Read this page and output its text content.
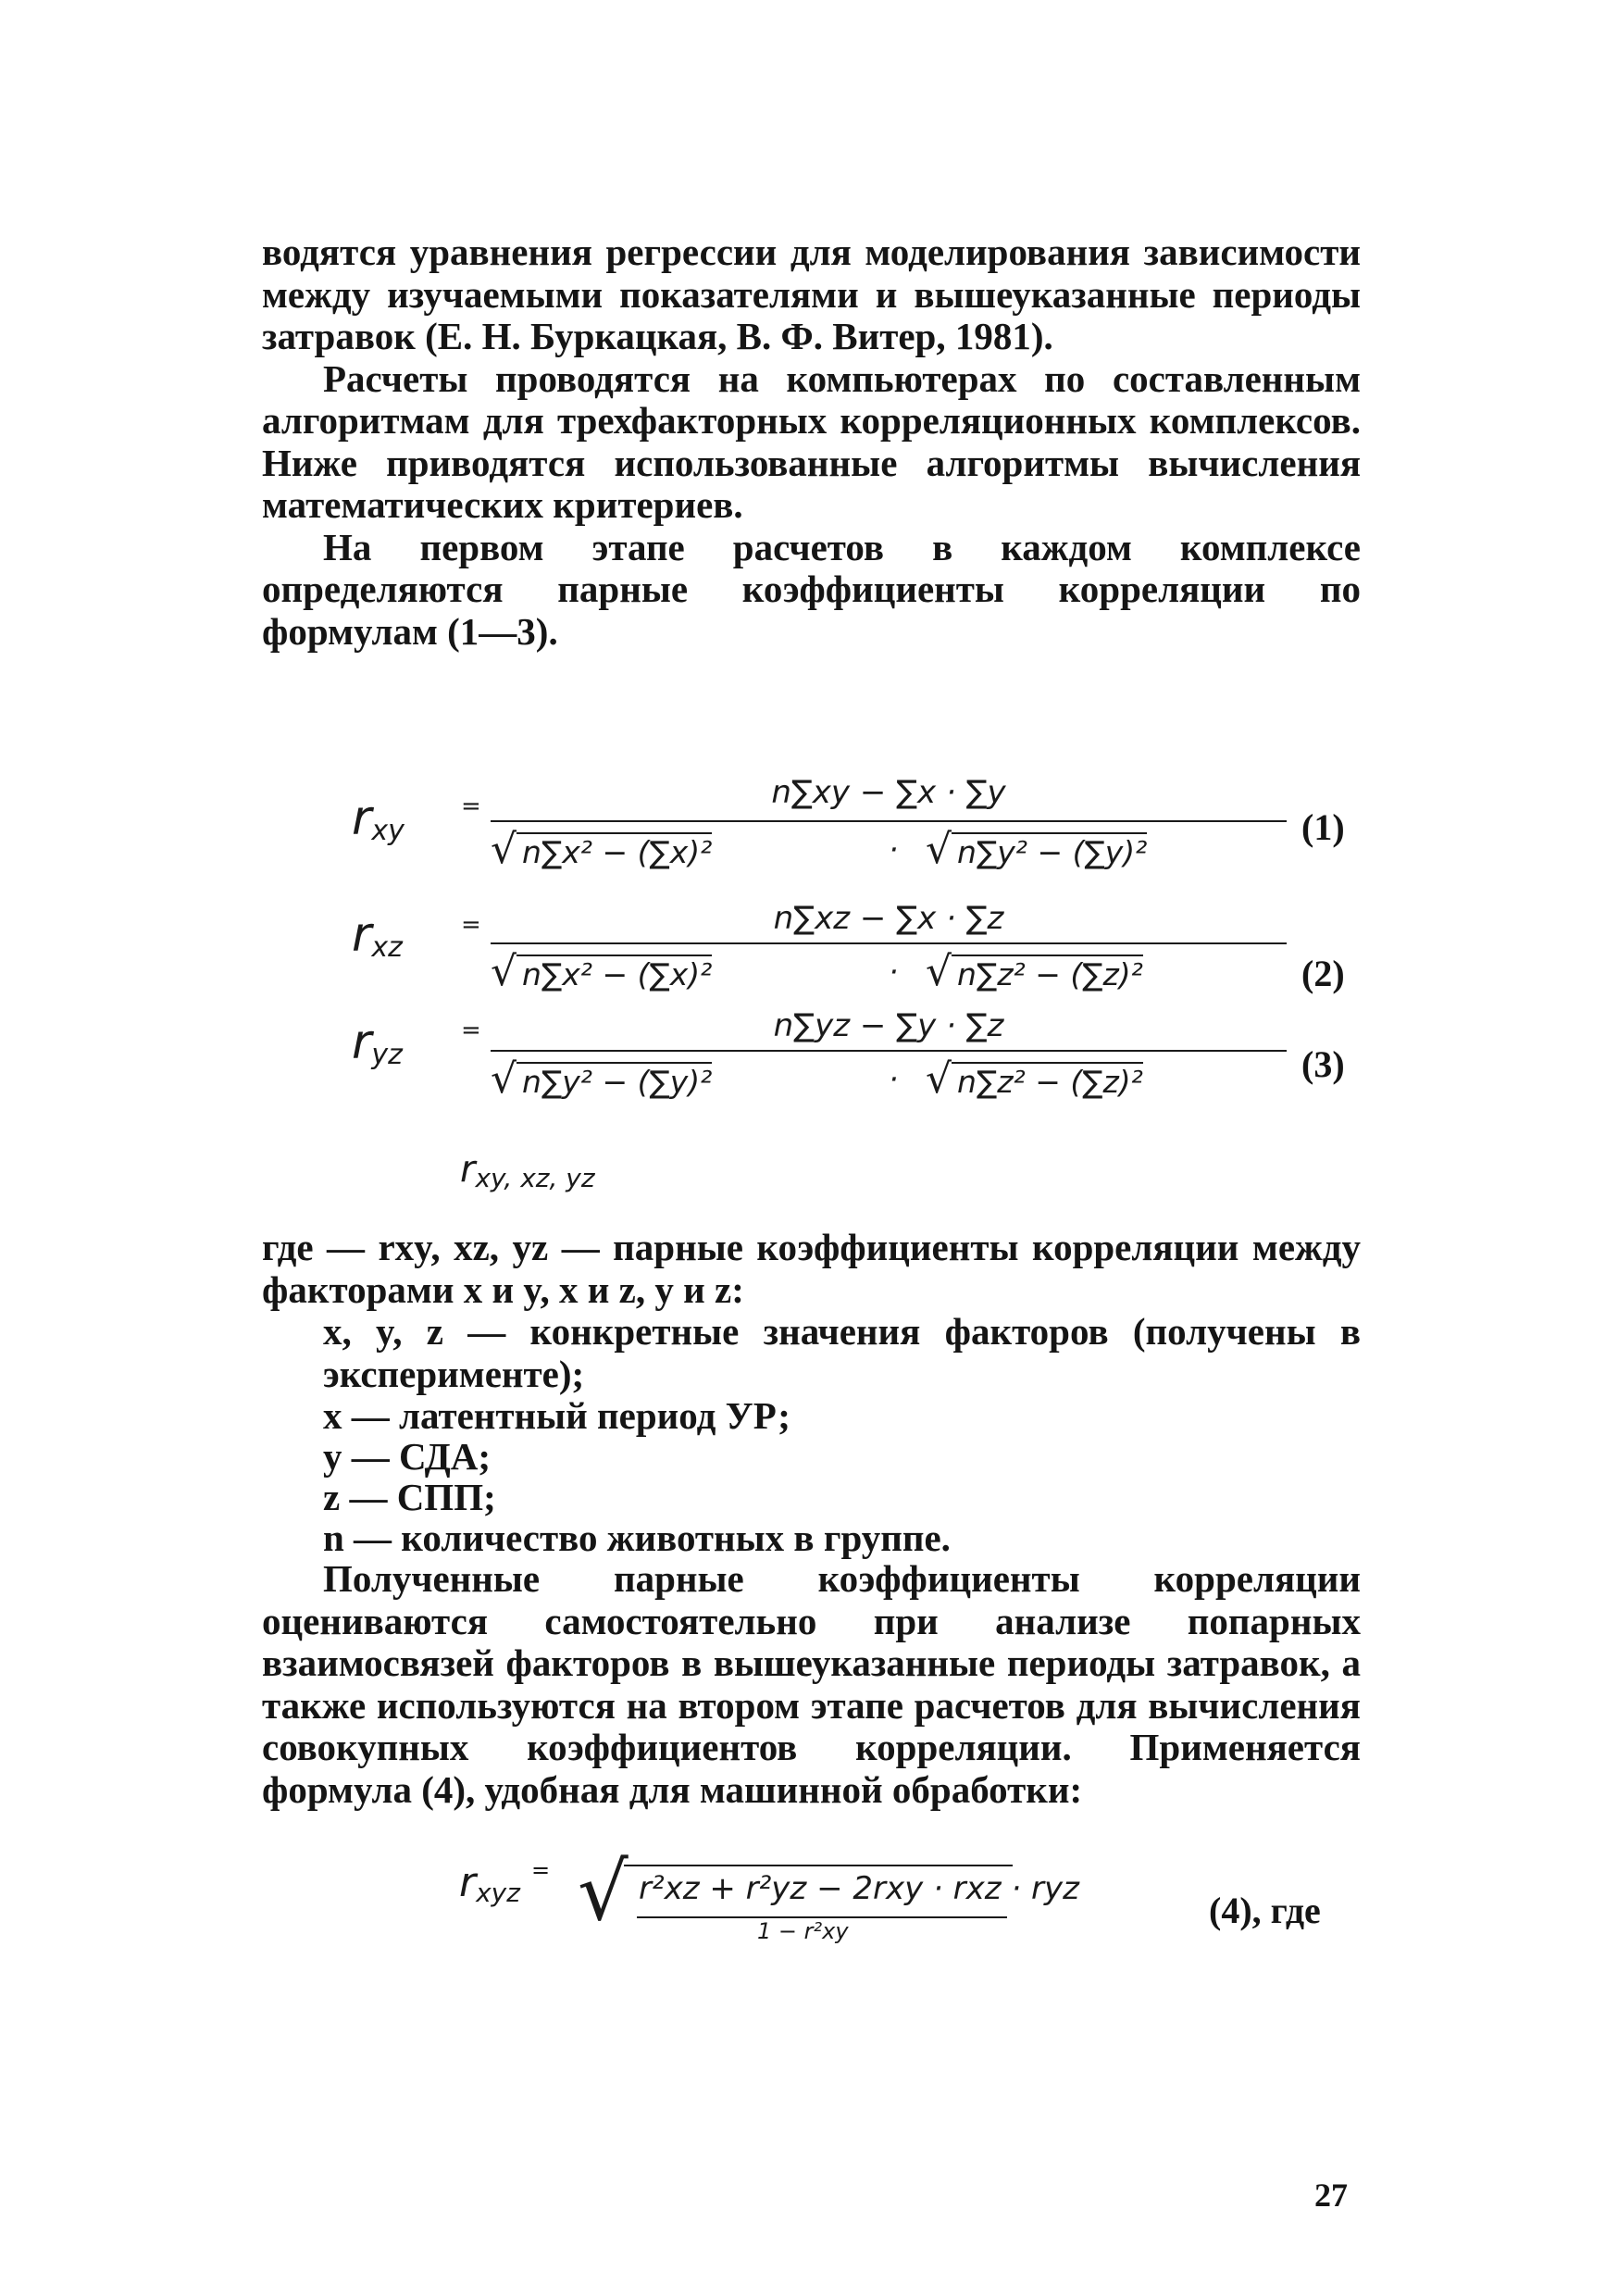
водятся уравнения регрессии для моделирования зависимости между изучаемыми показателями и вышеуказанные периоды затравок (Е. Н. Буркацкая, В. Ф. Витер, 1981).

Расчеты проводятся на компьютерах по составленным алгоритмам для трехфакторных корреляционных комплексов. Ниже приводятся использованные алгоритмы вычисления математических критериев.

На первом этапе расчетов в каждом комплексе определяются парные коэффициенты корреляции по формулам (1—3).

$r_{xy}$
=	n∑xy − ∑x · ∑y
√ n∑x² − (∑x)²	· √ n∑y² − (∑y)²
(1)
$r_{xz}$
=	n∑xz − ∑x · ∑z
√ n∑x² − (∑x)²	· √ n∑z² − (∑z)²	(2)
$r_{yz}$
=	n∑yz − ∑y · ∑z
√ n∑y² − (∑y)²	· √ n∑z² − (∑z)²	(3)
$r_{xy, xz, yz}$

где — rxy, xz, yz — парные коэффициенты корреляции между факторами x и y, x и z, y и z:

x, y, z — конкретные значения факторов (получены в эксперименте);

x — латентный период УР;

y — СДА;

z — СПП;

n — количество животных в группе.

Полученные парные коэффициенты корреляции оцениваются самостоятельно при анализе попарных взаимосвязей факторов в вышеуказанные периоды затравок, а также используются на втором этапе расчетов для вычисления совокупных коэффициентов корреляции. Применяется формула (4), удобная для машинной обработки:

$r_{xyz}$
= √ r²xz + r²yz − 2rxy · rxz · ryz
1 − r²xy	(4), где
27
